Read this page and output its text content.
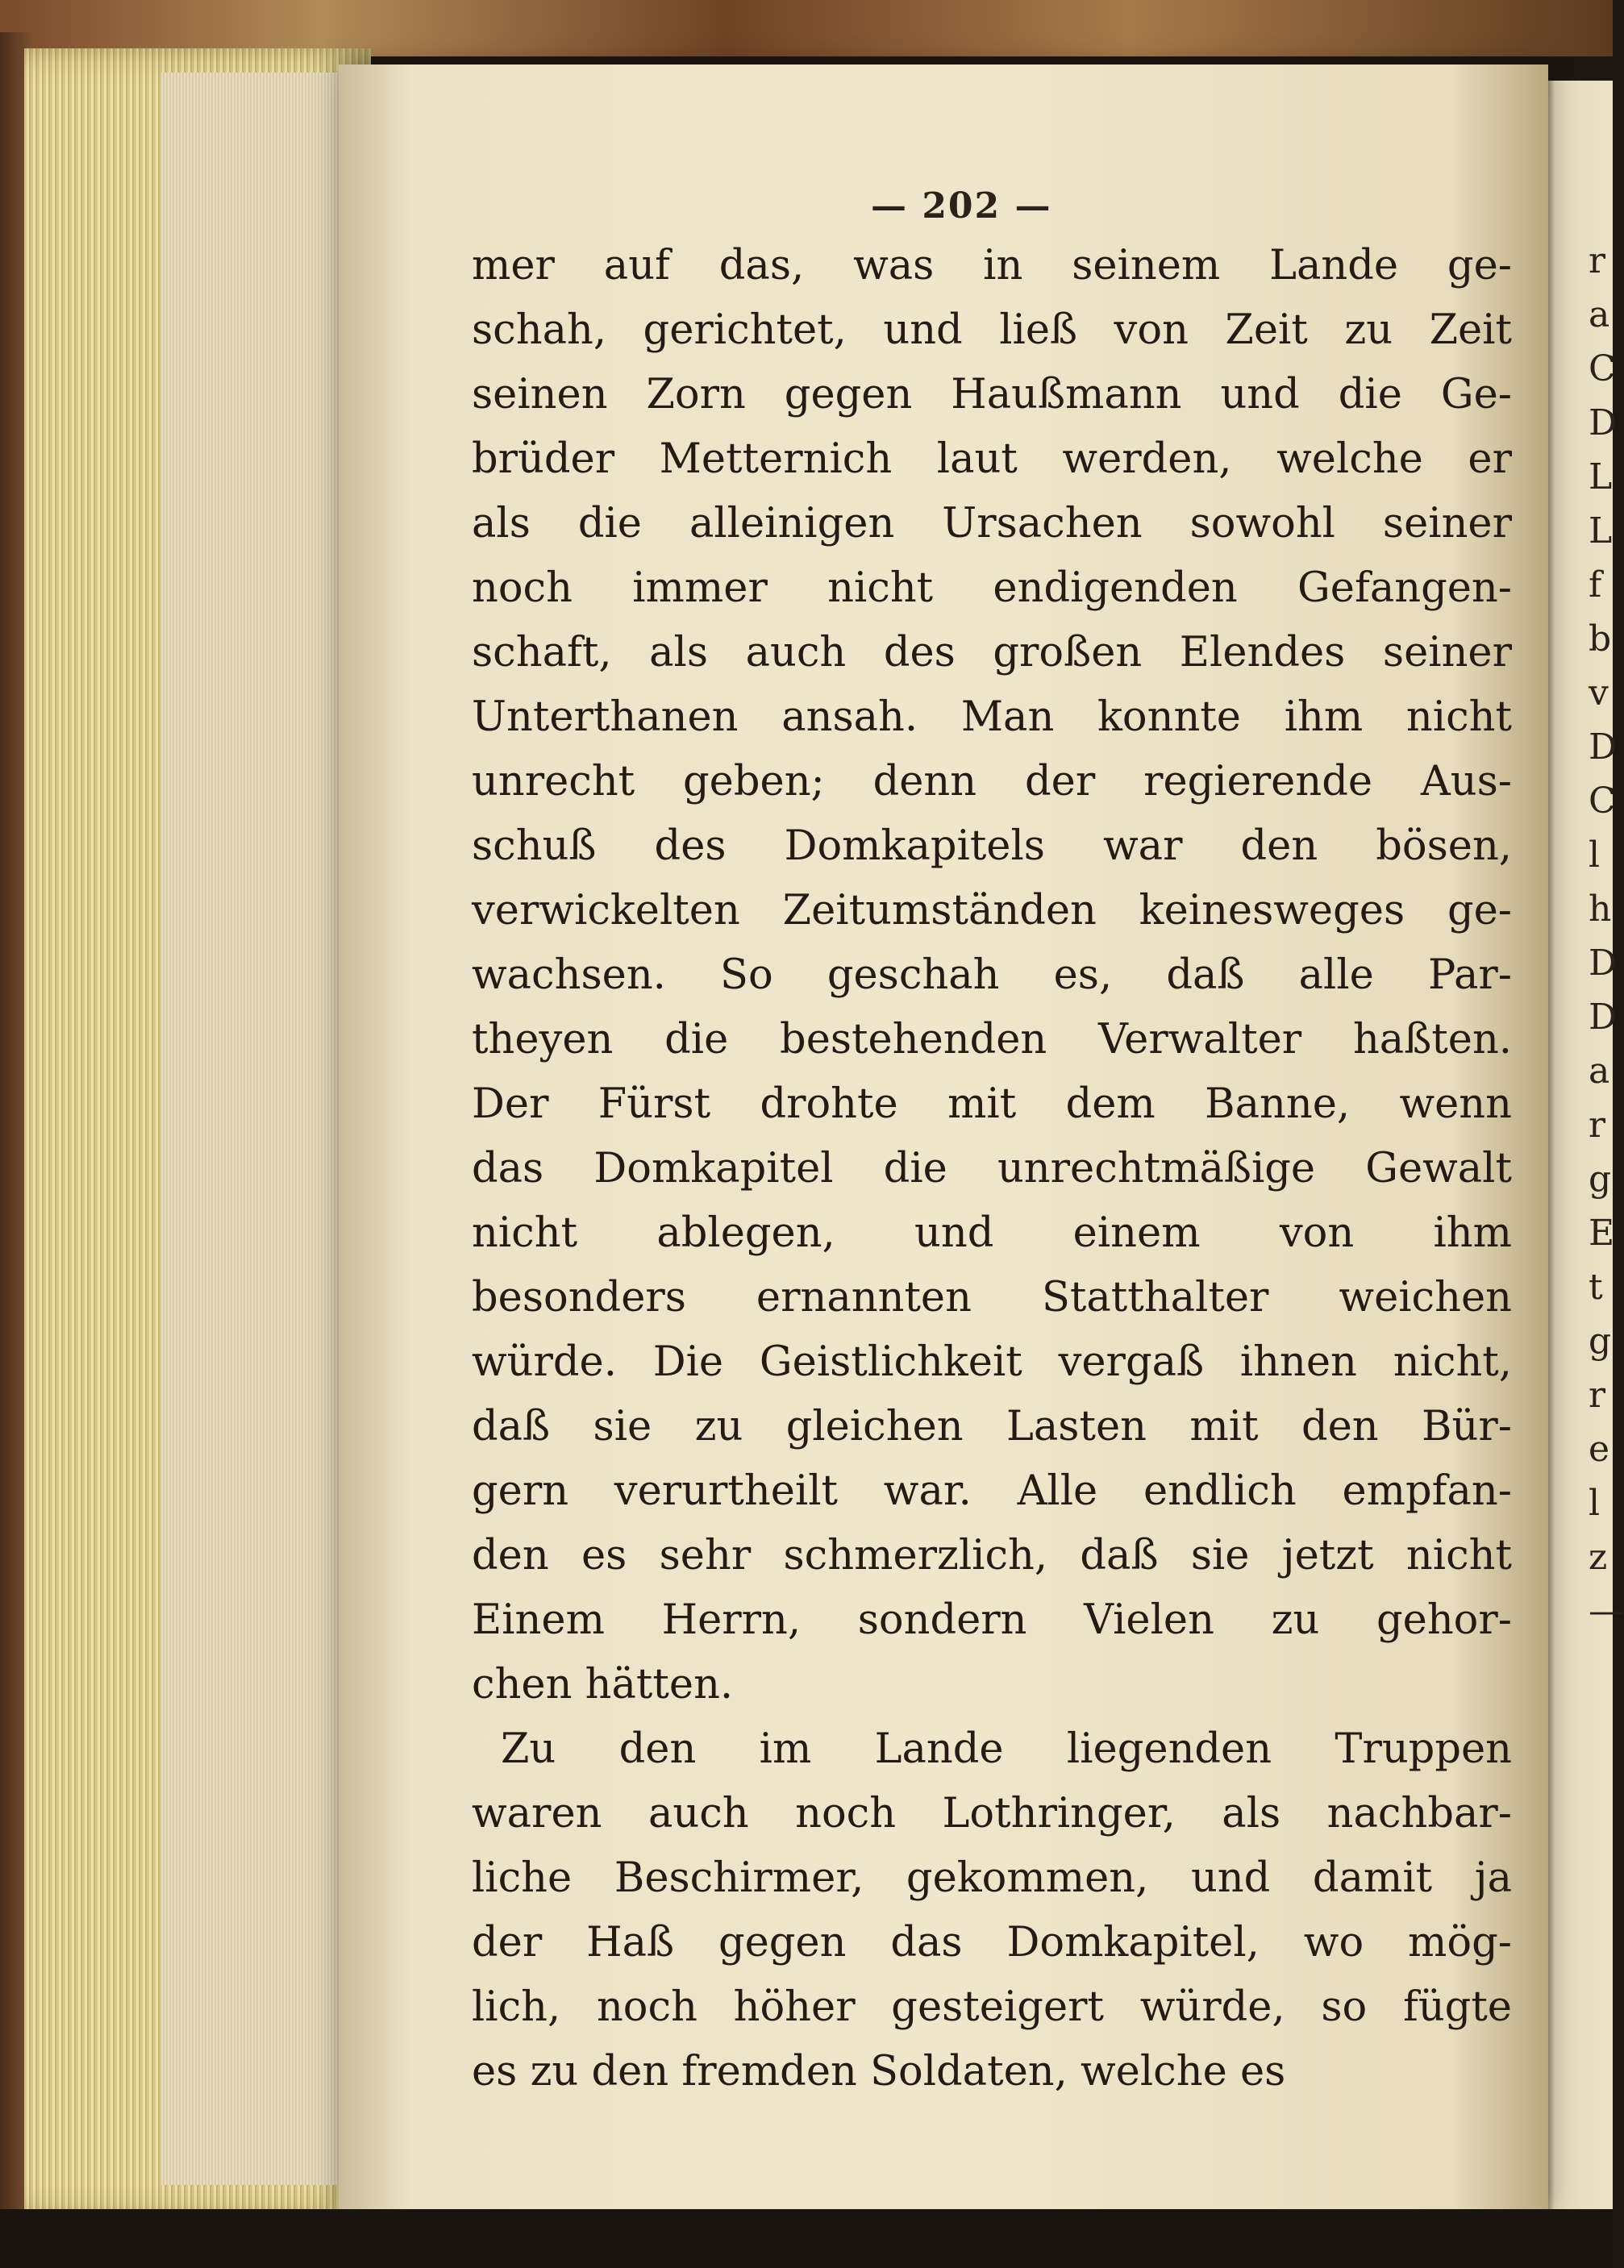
r
a
C
D
L
L
f
b
v
D
C
l
h
D
D
a
r
g
E
t
g
r
e
l
z
—
— 202 —
mer auf das, was in seinem Lande ge-
schah, gerichtet, und ließ von Zeit zu Zeit
seinen Zorn gegen Haußmann und die Ge-
brüder Metternich laut werden, welche er
als die alleinigen Ursachen sowohl seiner
noch immer nicht endigenden Gefangen-
schaft, als auch des großen Elendes seiner
Unterthanen ansah. Man konnte ihm nicht
unrecht geben; denn der regierende Aus-
schuß des Domkapitels war den bösen,
verwickelten Zeitumständen keinesweges ge-
wachsen. So geschah es, daß alle Par-
theyen die bestehenden Verwalter haßten.
Der Fürst drohte mit dem Banne, wenn
das Domkapitel die unrechtmäßige Gewalt
nicht ablegen, und einem von ihm
besonders ernannten Statthalter weichen
würde. Die Geistlichkeit vergaß ihnen nicht,
daß sie zu gleichen Lasten mit den Bür-
gern verurtheilt war. Alle endlich empfan-
den es sehr schmerzlich, daß sie jetzt nicht
Einem Herrn, sondern Vielen zu gehor-
chen hätten.
Zu den im Lande liegenden Truppen
waren auch noch Lothringer, als nachbar-
liche Beschirmer, gekommen, und damit ja
der Haß gegen das Domkapitel, wo mög-
lich, noch höher gesteigert würde, so fügte
es zu den fremden Soldaten, welche es
